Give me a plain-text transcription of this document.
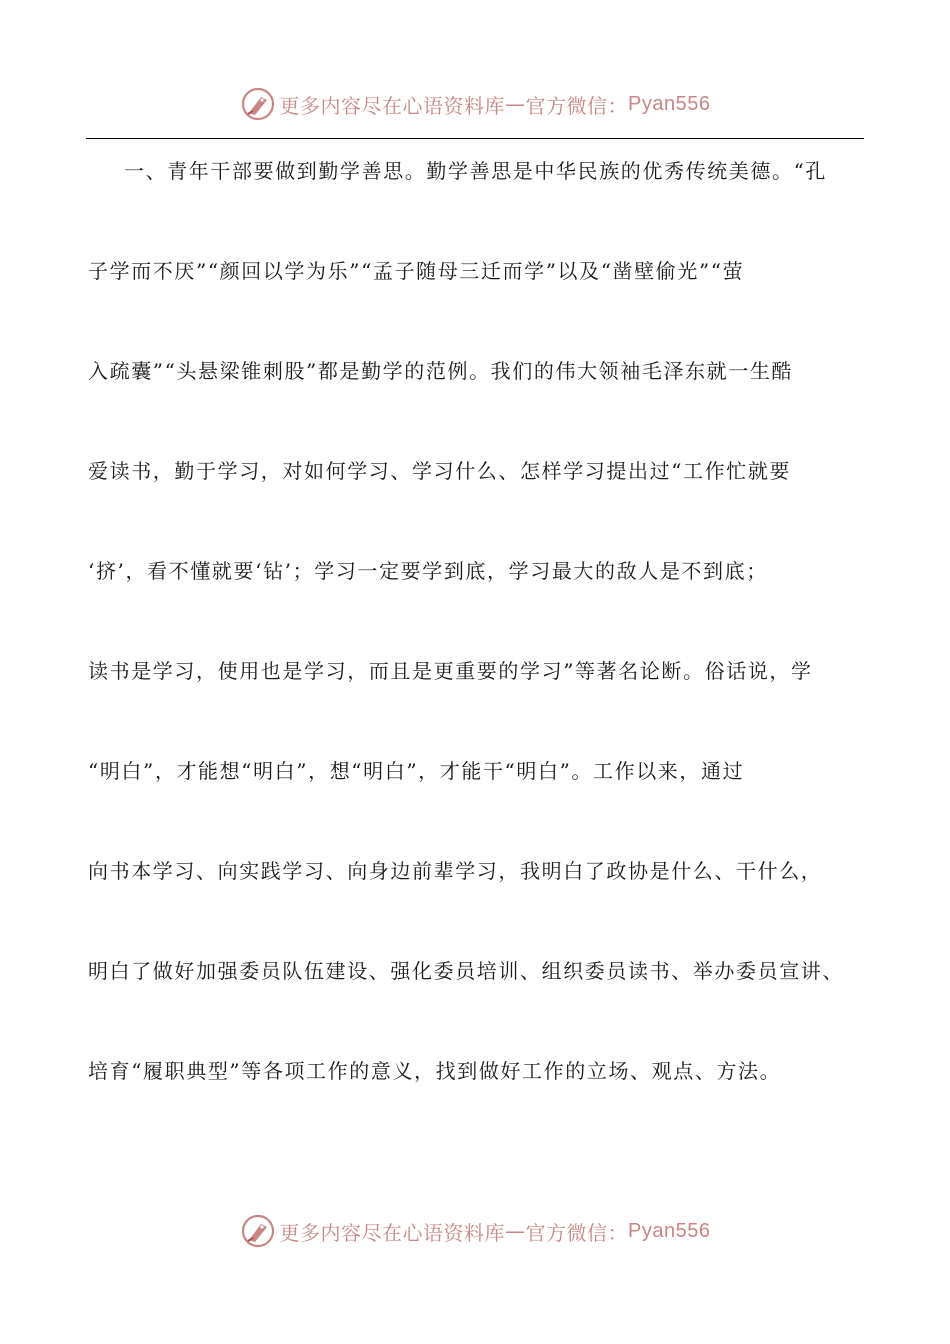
更多内容尽在心语资料库 — 官方微信： Pyan556
一、青年干部要做到勤学善思。勤学善思是中华民族的优秀传统美德。“孔
子学而不厌”“颜回以学为乐”“孟子随母三迁而学”以及“凿壁偷光”“萤
入疏囊”“头悬梁锥刺股”都是勤学的范例。我们的伟大领袖毛泽东就一生酷
爱读书，勤于学习，对如何学习、学习什么、怎样学习提出过“工作忙就要
‘挤’，看不懂就要‘钻’；学习一定要学到底，学习最大的敌人是不到底；
读书是学习，使用也是学习，而且是更重要的学习”等著名论断。俗话说，学
“明白”，才能想“明白”，想“明白”，才能干“明白”。工作以来，通过
向书本学习、向实践学习、向身边前辈学习，我明白了政协是什么、干什么，
明白了做好加强委员队伍建设、强化委员培训、组织委员读书、举办委员宣讲、
培育“履职典型”等各项工作的意义，找到做好工作的立场、观点、方法。
更多内容尽在心语资料库 — 官方微信： Pyan556
